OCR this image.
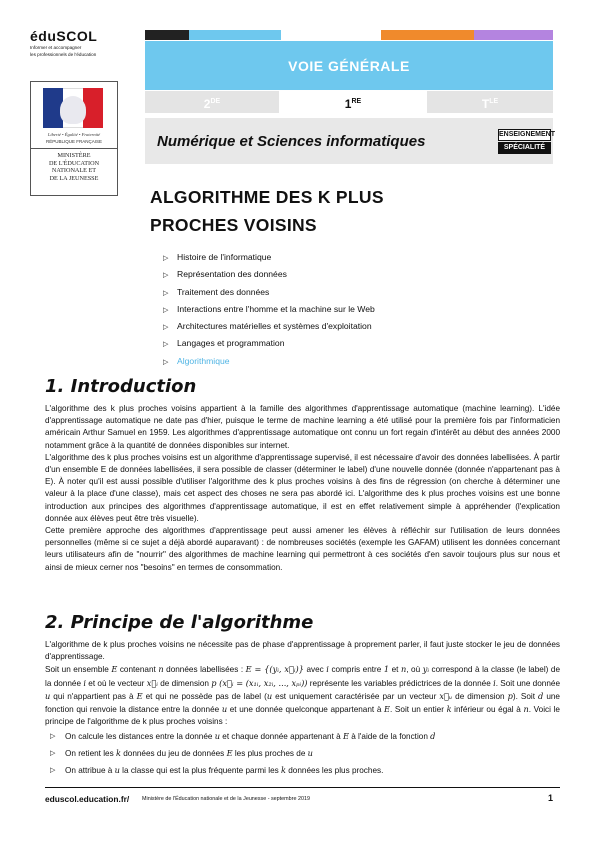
éduSCOL
Informer et accompagner
les professionnels de l'éducation
Liberté • Égalité • Fraternité
RÉPUBLIQUE FRANÇAISE
MINISTÈRE
DE L'ÉDUCATION
NATIONALE ET
DE LA JEUNESSE
VOIE GÉNÉRALE
2DE	1RE	$T^{LE}$
Numérique et Sciences informatiques	ENSEIGNEMENT
SPÉCIALITÉ
ALGORITHME DES K PLUS
PROCHES VOISINS
▷ Histoire de l'informatique
▷ Représentation des données
▷ Traitement des données
▷ Interactions entre l'homme et la machine sur le Web
▷ Architectures matérielles et systèmes d'exploitation
▷ Langages et programmation
▷ Algorithmique
1. Introduction

L'algorithme des k plus proches voisins appartient à la famille des algorithmes d'apprentissage automatique (machine learning). L'idée d'apprentissage automatique ne date pas d'hier, puisque le terme de machine learning a été utilisé pour la première fois par l'informaticien américain Arthur Samuel en 1959. Les algorithmes d'apprentissage automatique ont connu un fort regain d'intérêt au début des années 2000 notamment grâce à la quantité de données disponibles sur internet.

L'algorithme des k plus proches voisins est un algorithme d'apprentissage supervisé, il est nécessaire d'avoir des données labellisées. À partir d'un ensemble E de données labellisées, il sera possible de classer (déterminer le label) d'une nouvelle donnée (donnée n'appartenant pas à E). À noter qu'il est aussi possible d'utiliser l'algorithme des k plus proches voisins à des fins de régression (on cherche à déterminer une valeur à la place d'une classe), mais cet aspect des choses ne sera pas abordé ici. L'algorithme des k plus proches voisins est une bonne introduction aux principes des algorithmes d'apprentissage automatique, il est en effet relativement simple à appréhender (l'explication donnée aux élèves peut être très visuelle).

Cette première approche des algorithmes d'apprentissage peut aussi amener les élèves à réfléchir sur l'utilisation de leurs données personnelles (même si ce sujet a déjà abordé auparavant) : de nombreuses sociétés (exemple les GAFAM) utilisent les données concernant leurs utilisateurs afin de "nourrir" des algorithmes de machine learning qui permettront à ces sociétés d'en savoir toujours plus sur nous et ainsi de mieux cerner nos "besoins" en termes de consommation.

2. Principe de l'algorithme

L'algorithme de k plus proches voisins ne nécessite pas de phase d'apprentissage à proprement parler, il faut juste stocker le jeu de données d'apprentissage.

Soit un ensemble E contenant n données labellisées : E = {(yᵢ, x⃗ᵢ)} avec i compris entre 1 et n, où yᵢ correspond à la classe (le label) de la donnée i et où le vecteur x⃗ᵢ de dimension p (x⃗ᵢ = (x₁ᵢ, x₂ᵢ, ..., xₚᵢ)) représente les variables prédictrices de la donnée i. Soit une donnée u qui n'appartient pas à E et qui ne possède pas de label (u est uniquement caractérisée par un vecteur x⃗ᵤ de dimension p). Soit d une fonction qui renvoie la distance entre la donnée u et une donnée quelconque appartenant à E. Soit un entier k inférieur ou égal à n. Voici le principe de l'algorithme de k plus proches voisins :

▷ On calcule les distances entre la donnée u et chaque donnée appartenant à E à l'aide de la fonction d
▷ On retient les k données du jeu de données E les plus proches de u
▷ On attribue à u la classe qui est la plus fréquente parmi les k données les plus proches.
eduscol.education.fr/ Ministère de l'Éducation nationale et de la Jeunesse - septembre 2019	1
